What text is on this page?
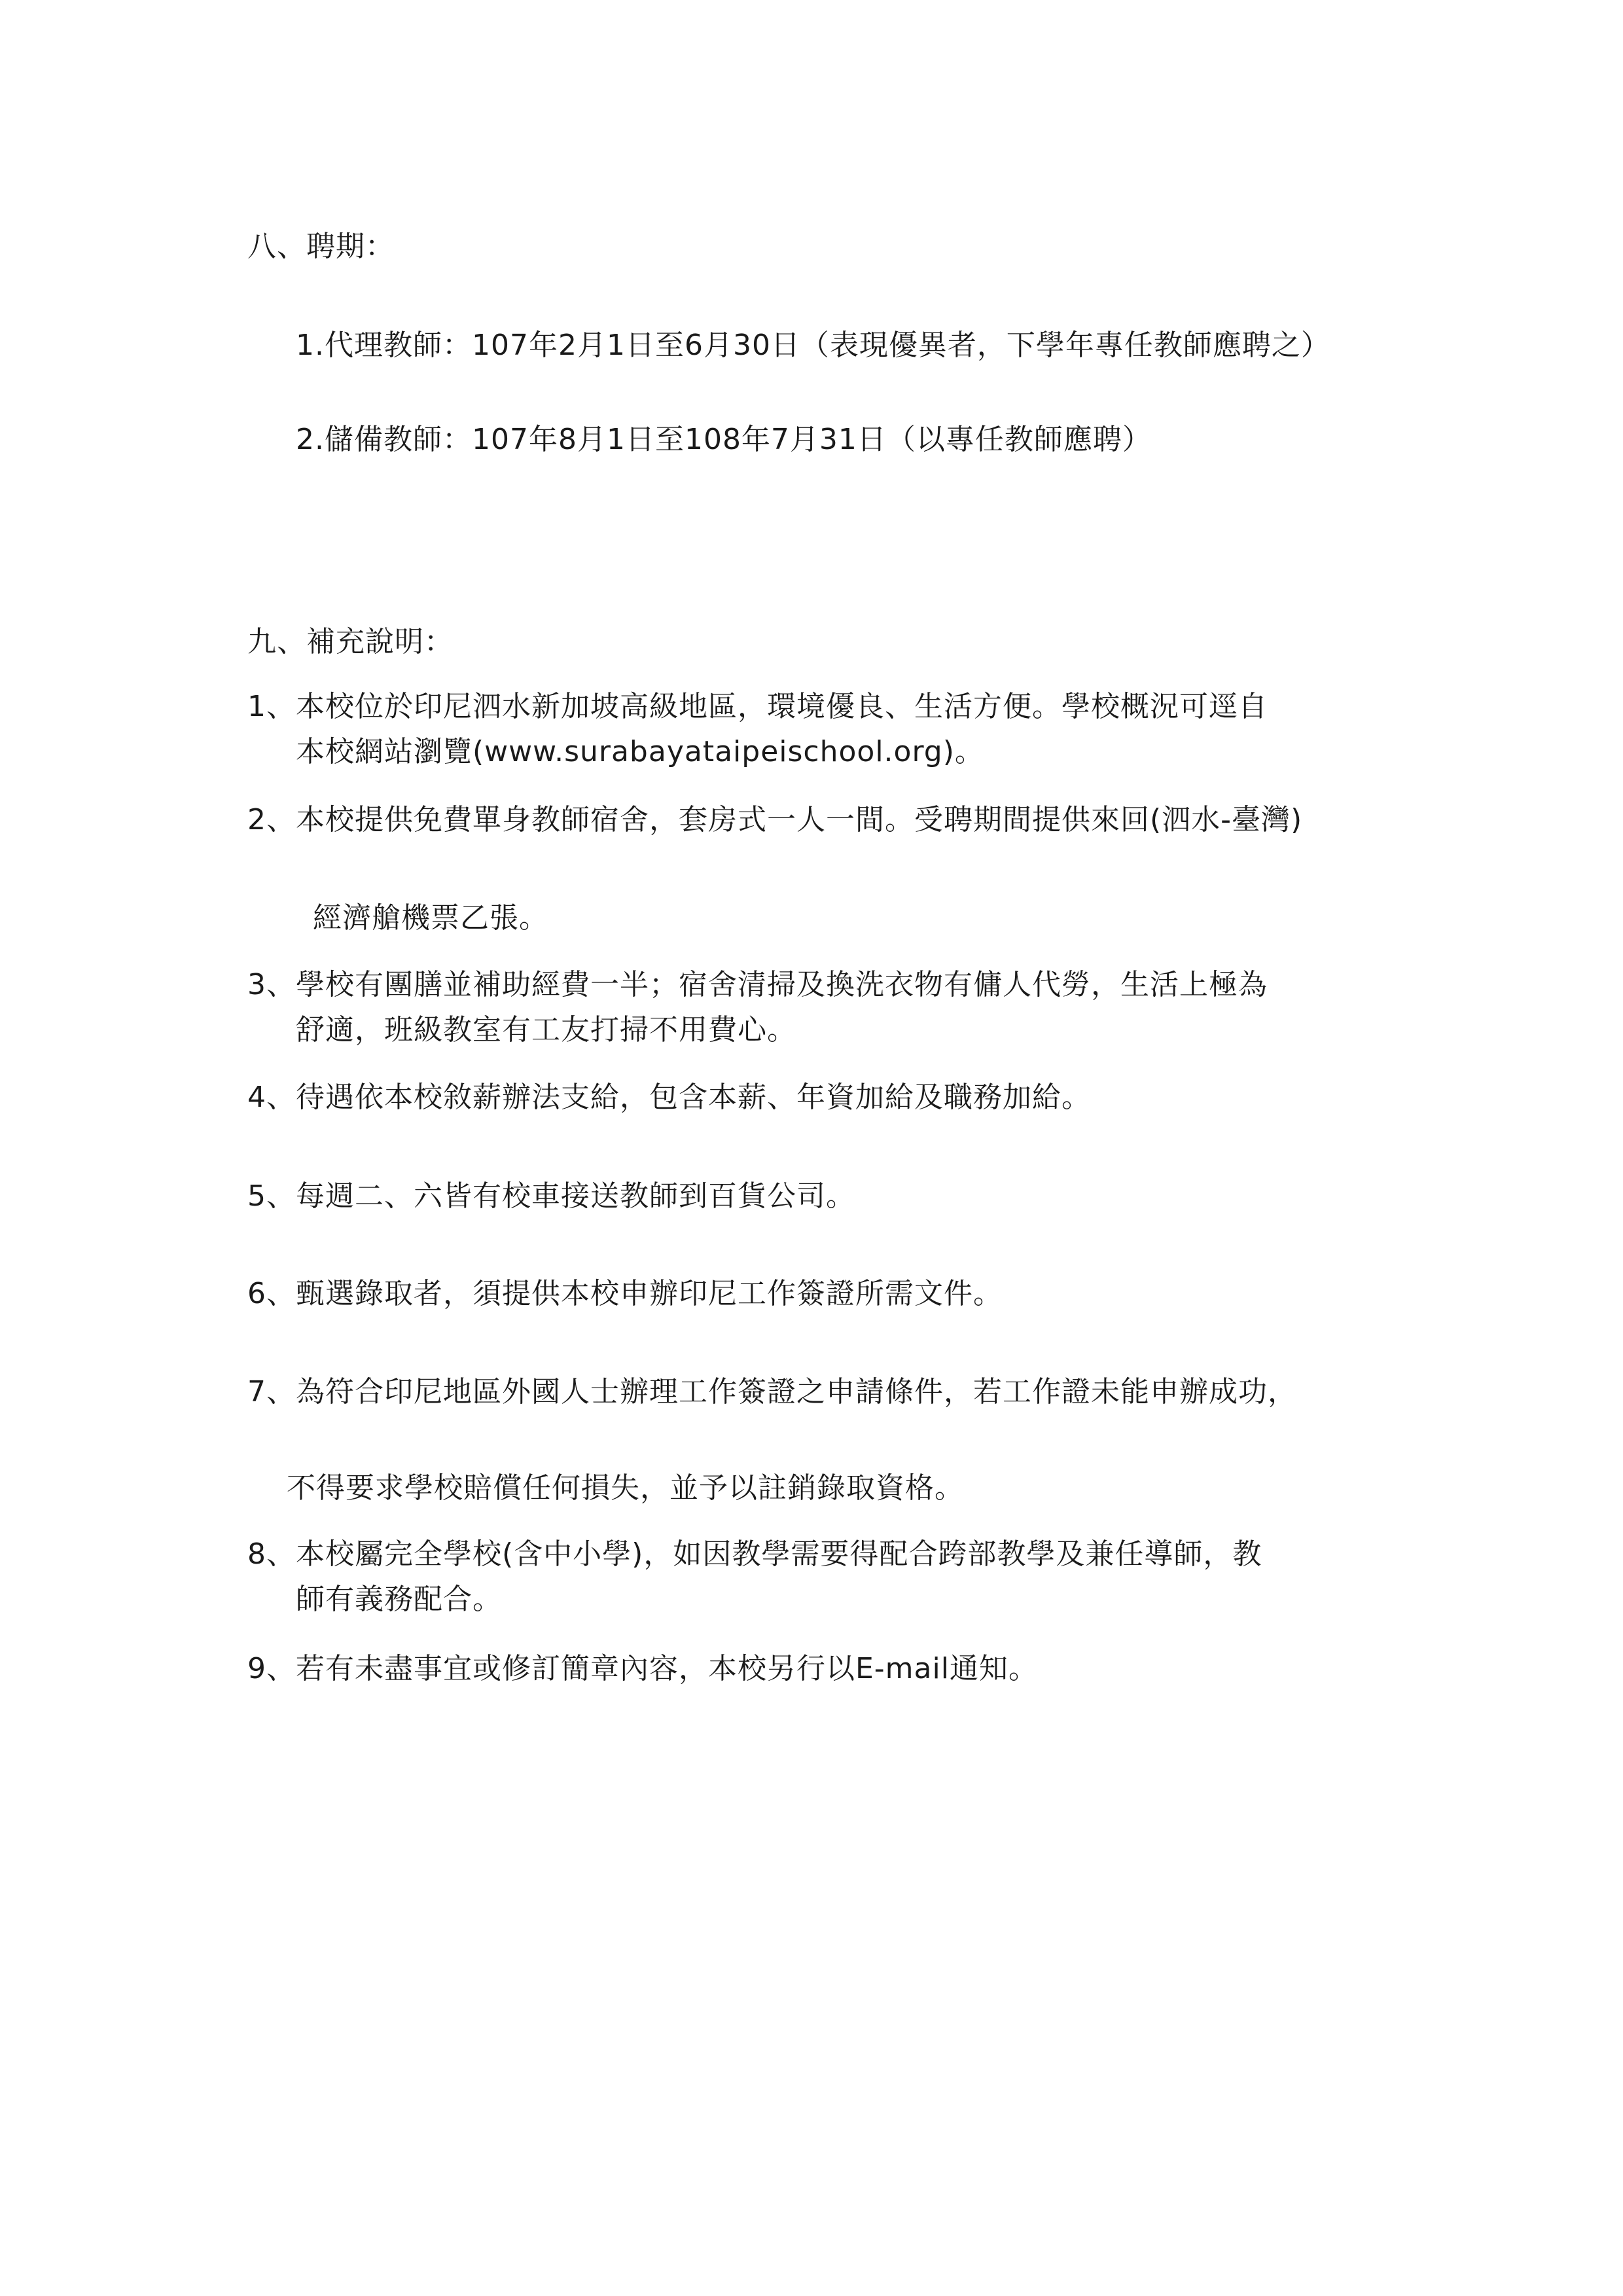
八、聘期：
1.代理教師：107年2月1日至6月30日（表現優異者，下學年專任教師應聘之）
2.儲備教師：107年8月1日至108年7月31日（以專任教師應聘）
九、補充說明：
1、本校位於印尼泗水新加坡高級地區，環境優良、生活方便。學校概況可逕自
本校網站瀏覽(www.surabayataipeischool.org)。
2、本校提供免費單身教師宿舍，套房式一人一間。受聘期間提供來回(泗水-臺灣)
經濟艙機票乙張。
3、學校有團膳並補助經費一半；宿舍清掃及換洗衣物有傭人代勞，生活上極為
舒適，班級教室有工友打掃不用費心。
4、待遇依本校敘薪辦法支給，包含本薪、年資加給及職務加給。
5、每週二、六皆有校車接送教師到百貨公司。
6、甄選錄取者，須提供本校申辦印尼工作簽證所需文件。
7、為符合印尼地區外國人士辦理工作簽證之申請條件，若工作證未能申辦成功，
不得要求學校賠償任何損失，並予以註銷錄取資格。
8、本校屬完全學校(含中小學)，如因教學需要得配合跨部教學及兼任導師，教
師有義務配合。
9、若有未盡事宜或修訂簡章內容，本校另行以E-mail通知。
